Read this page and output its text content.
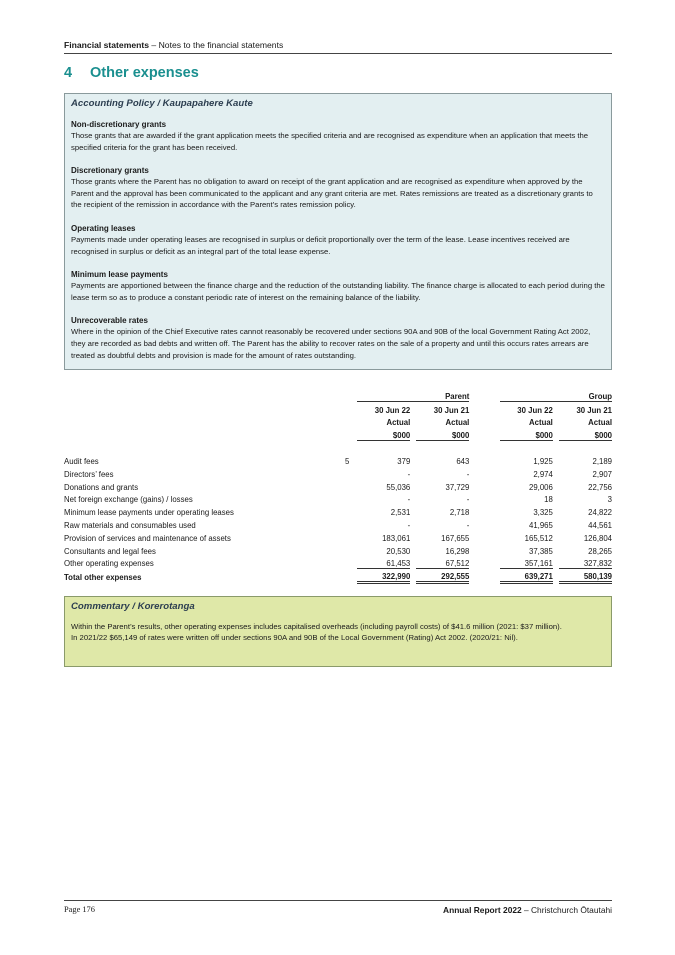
Financial statements – Notes to the financial statements
4 Other expenses
Accounting Policy / Kaupapahere Kaute
Non-discretionary grants

Those grants that are awarded if the grant application meets the specified criteria and are recognised as expenditure when an application that meets the specified criteria for the grant has been received.

Discretionary grants

Those grants where the Parent has no obligation to award on receipt of the grant application and are recognised as expenditure when approved by the Parent and the approval has been communicated to the applicant and any grant criteria are met. Rates remissions are treated as a discretionary grants to the recipient of the remission in accordance with the Parent’s rates remission policy.

Operating leases

Payments made under operating leases are recognised in surplus or deficit proportionally over the term of the lease. Lease incentives received are recognised in surplus or deficit as an integral part of the total lease expense.

Minimum lease payments

Payments are apportioned between the finance charge and the reduction of the outstanding liability. The finance charge is allocated to each period during the lease term so as to produce a constant periodic rate of interest on the remaining balance of the liability.

Unrecoverable rates

Where in the opinion of the Chief Executive rates cannot reasonably be recovered under sections 90A and 90B of the local Government Rating Act 2002, they are recorded as bad debts and written off. The Parent has the ability to recover rates on the sale of a property and until this occurs rates arrears are treated as doubtful debts and provision is made for the amount of rates outstanding.

				Parent				Group
		30 Jun 22		30 Jun 21		30 Jun 22		30 Jun 21
		Actual		Actual		Actual		Actual
		$000		$000		$000		$000

Audit fees	5	379		643		1,925		2,189
Directors’ fees		-		-		2,974		2,907
Donations and grants		55,036		37,729		29,006		22,756
Net foreign exchange (gains) / losses		-		-		18		3
Minimum lease payments under operating leases		2,531		2,718		3,325		24,822
Raw materials and consumables used		-		-		41,965		44,561
Provision of services and maintenance of assets		183,061		167,655		165,512		126,804
Consultants and legal fees		20,530		16,298		37,385		28,265
Other operating expenses		61,453		67,512		357,161		327,832
Total other expenses		322,990		292,555		639,271		580,139
Commentary / Korerotanga

Within the Parent’s results, other operating expenses includes capitalised overheads (including payroll costs) of $41.6 million (2021: $37 million).

In 2021/22 $65,149 of rates were written off under sections 90A and 90B of the Local Government (Rating) Act 2002. (2020/21: Nil).

Page 176	Annual Report 2022 – Christchurch Ōtautahi
